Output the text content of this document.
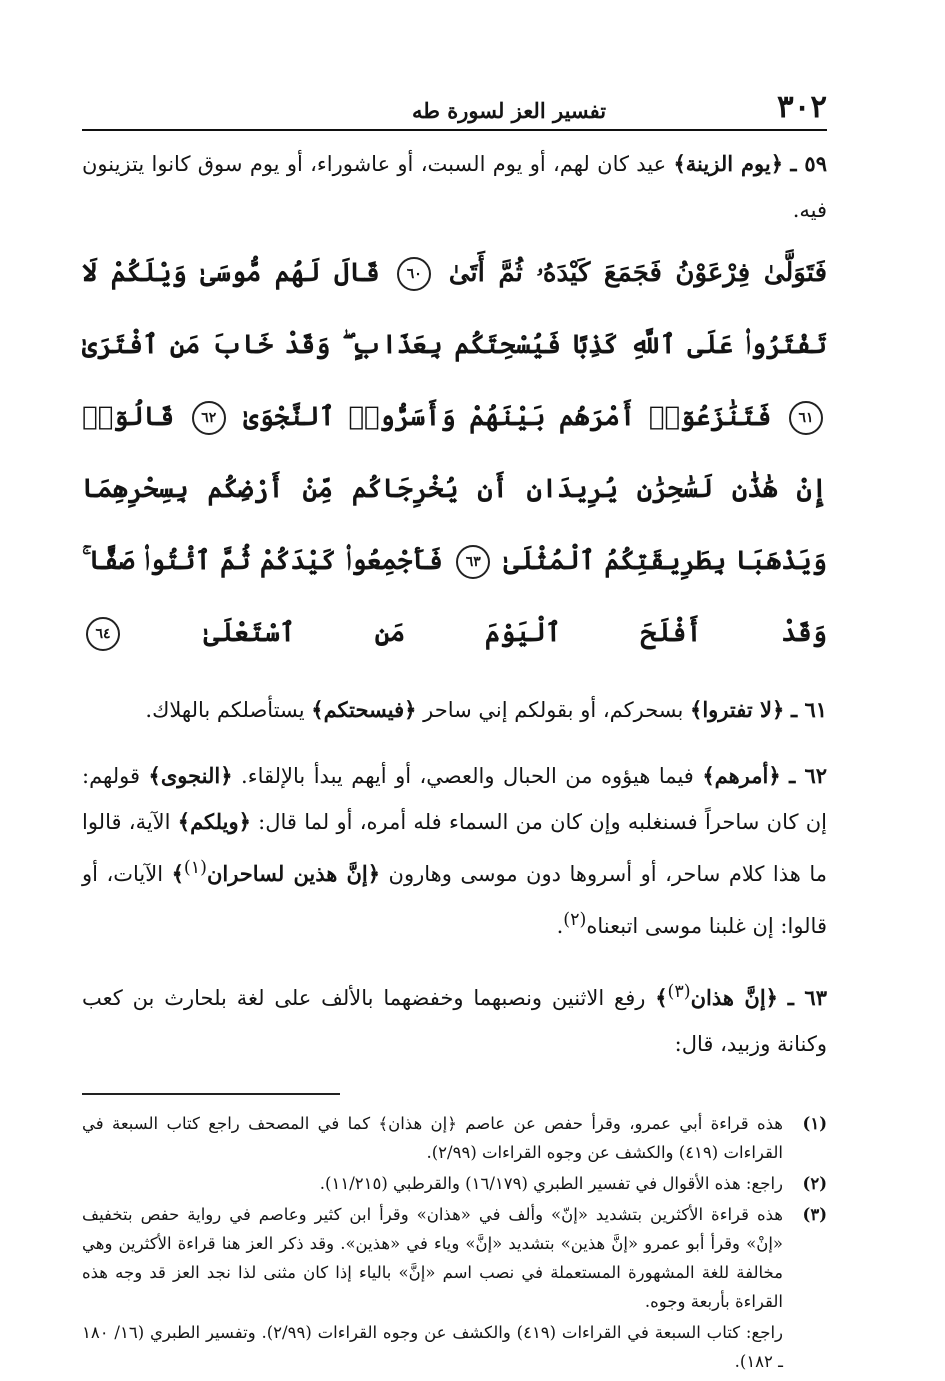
٣٠٢
تفسير العز لسورة طه

٥٩ ـ ﴿يوم الزينة﴾ عيد كان لهم، أو يوم السبت، أو عاشوراء، أو يوم سوق كانوا يتزينون فيه.

فَتَوَلَّىٰ فِرْعَوْنُ فَجَمَعَ كَيْدَهُۥ ثُمَّ أَتَىٰ ٦٠ قَالَ لَهُم مُّوسَىٰ وَيْلَكُمْ لَا تَفْتَرُوا۟ عَلَى ٱللَّهِ كَذِبًا فَيُسْحِتَكُم بِعَذَابٍ ۖ وَقَدْ خَابَ مَنِ ٱفْتَرَىٰ ٦١ فَتَنَٰزَعُوٓا۟ أَمْرَهُم بَيْنَهُمْ وَأَسَرُّوا۟ ٱلنَّجْوَىٰ ٦٢ قَالُوٓا۟ إِنْ هَٰذَٰنِ لَسَٰحِرَٰنِ يُرِيدَانِ أَن يُخْرِجَاكُم مِّنْ أَرْضِكُم بِسِحْرِهِمَا وَيَذْهَبَا بِطَرِيقَتِكُمُ ٱلْمُثْلَىٰ ٦٣ فَأَجْمِعُوا۟ كَيْدَكُمْ ثُمَّ ٱئْتُوا۟ صَفًّا ۚ وَقَدْ أَفْلَحَ ٱلْيَوْمَ مَنِ ٱسْتَعْلَىٰ ٦٤

٦١ ـ ﴿لا تفتروا﴾ بسحركم، أو بقولكم إني ساحر ﴿فيسحتكم﴾ يستأصلكم بالهلاك.

٦٢ ـ ﴿أمرهم﴾ فيما هيؤوه من الحبال والعصي، أو أيهم يبدأ بالإلقاء. ﴿النجوى﴾ قولهم: إن كان ساحراً فسنغلبه وإن كان من السماء فله أمره، أو لما قال: ﴿ويلكم﴾ الآية، قالوا ما هذا كلام ساحر، أو أسروها دون موسى وهارون ﴿إنَّ هذين لساحران$^{(١)}$﴾ الآيات، أو قالوا: إن غلبنا موسى اتبعناه$^{(٢)}$.

٦٣ ـ ﴿إنَّ هذان$^{(٣)}$﴾ رفع الاثنين ونصبهما وخفضهما بالألف على لغة بلحارث بن كعب وكنانة وزبيد، قال:

(١)
هذه قراءة أبي عمرو، وقرأ حفص عن عاصم ﴿إن هذان﴾ كما في المصحف راجع كتاب السبعة في القراءات (٤١٩) والكشف عن وجوه القراءات (٢/٩٩).
(٢)
راجع: هذه الأقوال في تفسير الطبري (١٦/١٧٩) والقرطبي (١١/٢١٥).
(٣)
هذه قراءة الأكثرين بتشديد «إنّ» وألف في «هذان» وقرأ ابن كثير وعاصم في رواية حفص بتخفيف «إنْ» وقرأ أبو عمرو «إنَّ هذين» بتشديد «إنَّ» وياء في «هذين». وقد ذكر العز هنا قراءة الأكثرين وهي مخالفة للغة المشهورة المستعملة في نصب اسم «إنَّ» بالياء إذا كان مثنى لذا نجد العز قد وجه هذه القراءة بأربعة وجوه.
راجع: كتاب السبعة في القراءات (٤١٩) والكشف عن وجوه القراءات (٢/٩٩). وتفسير الطبري (١٦/ ١٨٠ ـ ١٨٢).
